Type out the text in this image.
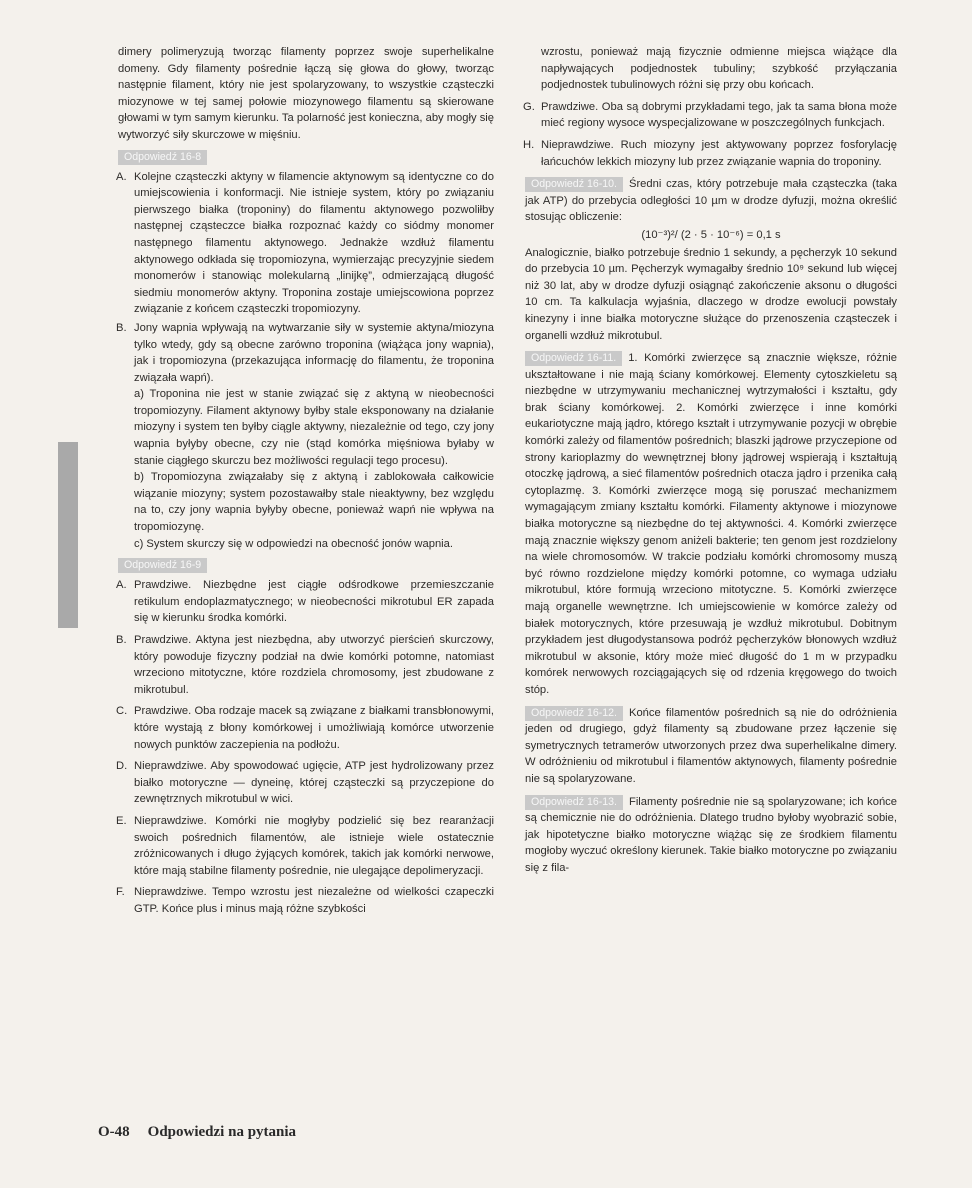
dimery polimeryzują tworząc filamenty poprzez swoje superhelikalne domeny. Gdy filamenty pośrednie łączą się głowa do głowy, tworząc następnie filament, który nie jest spolaryzowany, to wszystkie cząsteczki miozynowe w tej samej połowie miozynowego filamentu są skierowane głowami w tym samym kierunku. Ta polarność jest konieczna, aby mogły się wytworzyć siły skurczowe w mięśniu.

Odpowiedź 16-8
A. Kolejne cząsteczki aktyny w filamencie aktynowym są identyczne co do umiejscowienia i konformacji. Nie istnieje system, który po związaniu pierwszego białka (troponiny) do filamentu aktynowego pozwoliłby następnej cząsteczce białka rozpoznać każdy co siódmy monomer następnego filamentu aktynowego. Jednakże wzdłuż filamentu aktynowego odkłada się tropomiozyna, wymierzając precyzyjnie siedem monomerów i stanowiąc molekularną „linijkę”, odmierzającą długość siedmiu monomerów aktyny. Troponina zostaje umiejscowiona poprzez związanie z końcem cząsteczki tropomiozyny.
B. Jony wapnia wpływają na wytwarzanie siły w systemie aktyna/miozyna tylko wtedy, gdy są obecne zarówno troponina (wiążąca jony wapnia), jak i tropomiozyna (przekazująca informację do filamentu, że troponina związała wapń).

a) Troponina nie jest w stanie związać się z aktyną w nieobecności tropomiozyny. Filament aktynowy byłby stale eksponowany na działanie miozyny i system ten byłby ciągle aktywny, niezależnie od tego, czy jony wapnia byłyby obecne, czy nie (stąd komórka mięśniowa byłaby w stanie ciągłego skurczu bez możliwości regulacji tego procesu).

b) Tropomiozyna związałaby się z aktyną i zablokowała całkowicie wiązanie miozyny; system pozostawałby stale nieaktywny, bez względu na to, czy jony wapnia byłyby obecne, ponieważ wapń nie wpływa na tropomiozynę.

c) System skurczy się w odpowiedzi na obecność jonów wapnia.

Odpowiedź 16-9
A. Prawdziwe. Niezbędne jest ciągłe odśrodkowe przemieszczanie retikulum endoplazmatycznego; w nieobecności mikrotubul ER zapada się w kierunku środka komórki.
B. Prawdziwe. Aktyna jest niezbędna, aby utworzyć pierścień skurczowy, który powoduje fizyczny podział na dwie komórki potomne, natomiast wrzeciono mitotyczne, które rozdziela chromosomy, jest zbudowane z mikrotubul.
C. Prawdziwe. Oba rodzaje macek są związane z białkami transbłonowymi, które wystają z błony komórkowej i umożliwiają komórce utworzenie nowych punktów zaczepienia na podłożu.
D. Nieprawdziwe. Aby spowodować ugięcie, ATP jest hydrolizowany przez białko motoryczne — dyneinę, której cząsteczki są przyczepione do zewnętrznych mikrotubul w wici.
E. Nieprawdziwe. Komórki nie mogłyby podzielić się bez rearanżacji swoich pośrednich filamentów, ale istnieje wiele ostatecznie zróżnicowanych i długo żyjących komórek, takich jak komórki nerwowe, które mają stabilne filamenty pośrednie, nie ulegające depolimeryzacji.
F. Nieprawdziwe. Tempo wzrostu jest niezależne od wielkości czapeczki GTP. Końce plus i minus mają różne szybkości

wzrostu, ponieważ mają fizycznie odmienne miejsca wiążące dla napływających podjednostek tubuliny; szybkość przyłączania podjednostek tubulinowych różni się przy obu końcach.

G. Prawdziwe. Oba są dobrymi przykładami tego, jak ta sama błona może mieć regiony wysoce wyspecjalizowane w poszczególnych funkcjach.
H. Nieprawdziwe. Ruch miozyny jest aktywowany poprzez fosforylację łańcuchów lekkich miozyny lub przez związanie wapnia do troponiny.

Odpowiedź 16-10. Średni czas, który potrzebuje mała cząsteczka (taka jak ATP) do przebycia odległości 10 µm w drodze dyfuzji, można określić stosując obliczenie:

(10⁻³)²/ (2 · 5 · 10⁻⁶) = 0,1 s

Analogicznie, białko potrzebuje średnio 1 sekundy, a pęcherzyk 10 sekund do przebycia 10 µm. Pęcherzyk wymagałby średnio 10⁹ sekund lub więcej niż 30 lat, aby w drodze dyfuzji osiągnąć zakończenie aksonu o długości 10 cm. Ta kalkulacja wyjaśnia, dlaczego w drodze ewolucji powstały kinezyny i inne białka motoryczne służące do przenoszenia cząsteczek i organelli wzdłuż mikrotubul.

Odpowiedź 16-11. 1. Komórki zwierzęce są znacznie większe, różnie ukształtowane i nie mają ściany komórkowej. Elementy cytoszkieletu są niezbędne w utrzymywaniu mechanicznej wytrzymałości i kształtu, gdy brak ściany komórkowej. 2. Komórki zwierzęce i inne komórki eukariotyczne mają jądro, którego kształt i utrzymywanie pozycji w obrębie komórki zależy od filamentów pośrednich; blaszki jądrowe przyczepione od strony karioplazmy do wewnętrznej błony jądrowej wspierają i kształtują otoczkę jądrową, a sieć filamentów pośrednich otacza jądro i przenika całą cytoplazmę. 3. Komórki zwierzęce mogą się poruszać mechanizmem wymagającym zmiany kształtu komórki. Filamenty aktynowe i miozynowe białka motoryczne są niezbędne do tej aktywności. 4. Komórki zwierzęce mają znacznie większy genom aniżeli bakterie; ten genom jest rozdzielony na wiele chromosomów. W trakcie podziału komórki chromosomy muszą być równo rozdzielone między komórki potomne, co wymaga udziału mikrotubul, które formują wrzeciono mitotyczne. 5. Komórki zwierzęce mają organelle wewnętrzne. Ich umiejscowienie w komórce zależy od białek motorycznych, które przesuwają je wzdłuż mikrotubul. Dobitnym przykładem jest długodystansowa podróż pęcherzyków błonowych wzdłuż mikrotubul w aksonie, który może mieć długość do 1 m w przypadku komórek nerwowych rozciągających się od rdzenia kręgowego do twoich stóp.

Odpowiedź 16-12. Końce filamentów pośrednich są nie do odróżnienia jeden od drugiego, gdyż filamenty są zbudowane przez łączenie się symetrycznych tetramerów utworzonych przez dwa superhelikalne dimery. W odróżnieniu od mikrotubul i filamentów aktynowych, filamenty pośrednie nie są spolaryzowane.

Odpowiedź 16-13. Filamenty pośrednie nie są spolaryzowane; ich końce są chemicznie nie do odróżnienia. Dlatego trudno byłoby wyobrazić sobie, jak hipotetyczne białko motoryczne wiążąc się ze środkiem filamentu mogłoby wyczuć określony kierunek. Takie białko motoryczne po związaniu się z fila-

O-48 Odpowiedzi na pytania
